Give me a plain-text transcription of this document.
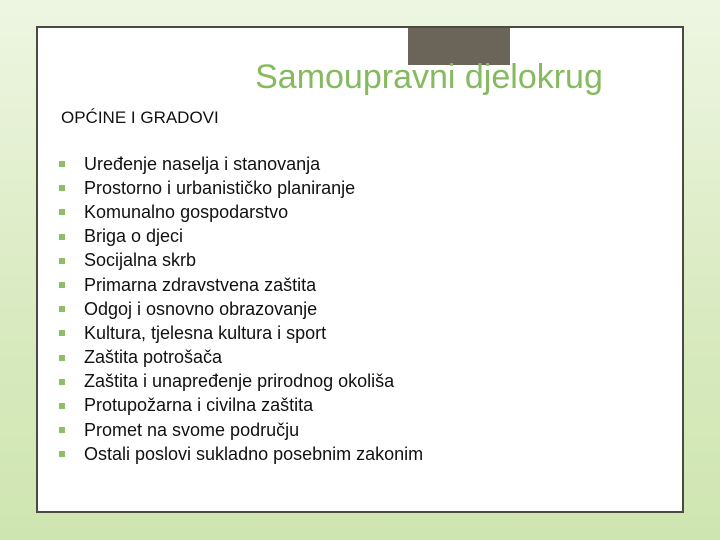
Samoupravni djelokrug

OPĆINE I GRADOVI

Uređenje naselja i stanovanja
Prostorno i urbanističko planiranje
Komunalno gospodarstvo
Briga o djeci
Socijalna skrb
Primarna zdravstvena zaštita
Odgoj i osnovno obrazovanje
Kultura, tjelesna kultura i sport
Zaštita potrošača
Zaštita i unapređenje prirodnog okoliša
Protupožarna i civilna zaštita
Promet na svome području
Ostali poslovi sukladno posebnim zakonim
